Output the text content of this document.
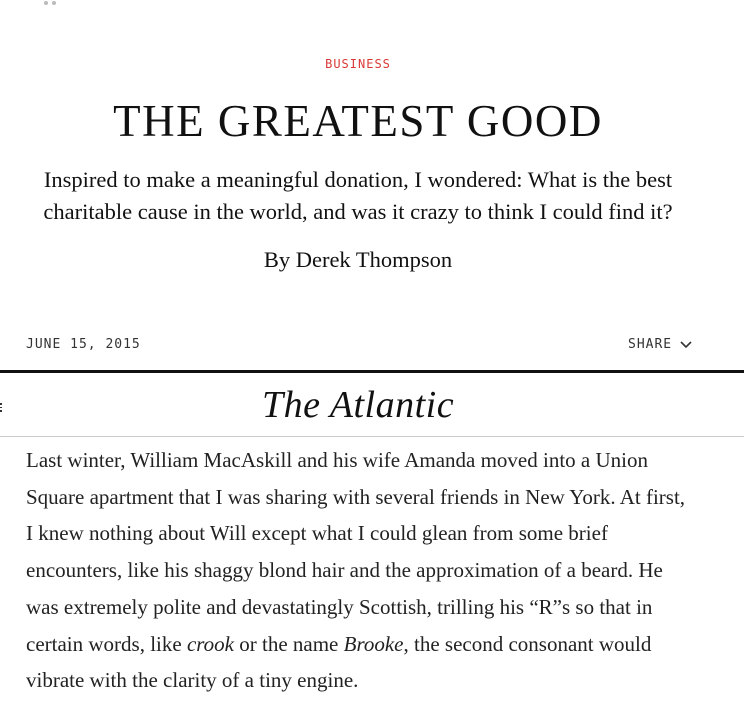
BUSINESS
THE GREATEST GOOD

Inspired to make a meaningful donation, I wondered: What is the best charitable cause in the world, and was it crazy to think I could find it?

By Derek Thompson
JUNE 15, 2015	SHARE
The Atlantic

Last winter, William MacAskill and his wife Amanda moved into a Union Square apartment that I was sharing with several friends in New York. At first, I knew nothing about Will except what I could glean from some brief encounters, like his shaggy blond hair and the approximation of a beard. He was extremely polite and devastatingly Scottish, trilling his “R”s so that in certain words, like crook or the name Brooke, the second consonant would vibrate with the clarity of a tiny engine.
